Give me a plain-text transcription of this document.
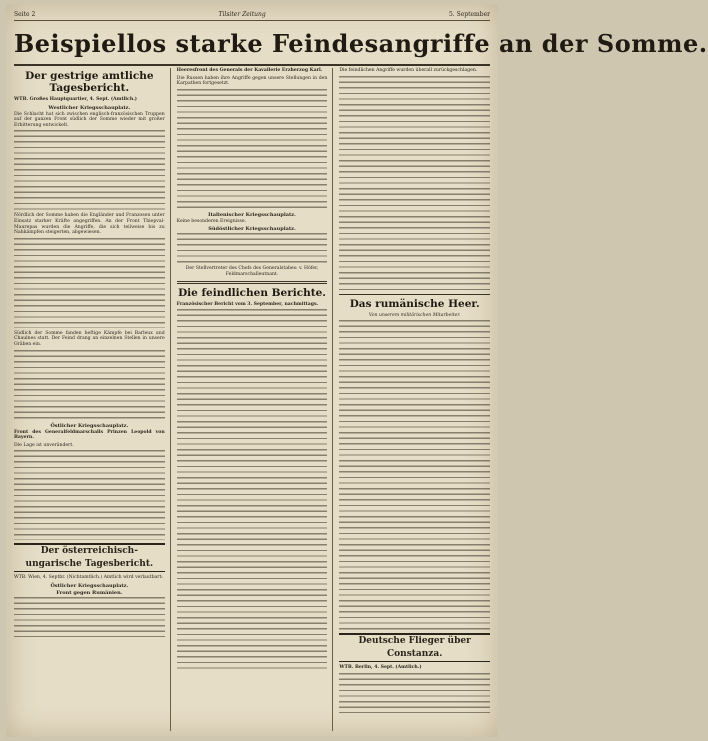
Seite 2	Tilsiter Zeitung	5. September
Beispiellos starke Feindesangriffe an der Somme.
Der gestrige amtliche Tagesbericht.
WTB. Großes Hauptquartier, 4. Sept. (Amtlich.)
Westlicher Kriegsschauplatz.
Die Schlacht hat sich zwischen englisch-französischen Truppen auf der ganzen Front südlich der Somme wieder mit großer Erbitterung entwickelt.
Nördlich der Somme haben die Engländer und Franzosen unter Einsatz starker Kräfte angegriffen. An der Front Thiepval-Maurepas wurden die Angriffe, die sich teilweise bis zu Nahkämpfen steigerten, abgewiesen.
Südlich der Somme fanden heftige Kämpfe bei Barleux und Chaulnes statt. Der Feind drang an einzelnen Stellen in unsere Gräben ein.
Östlicher Kriegsschauplatz.
Front des Generalfeldmarschalls Prinzen Leopold von Bayern.
Die Lage ist unverändert.
Der österreichisch-ungarische Tagesbericht.
WTB. Wien, 4. Septbr. (Nichtamtlich.) Amtlich wird verlautbart:
Östlicher Kriegsschauplatz.
Front gegen Rumänien.
Heeresfront des Generals der Kavallerie Erzherzog Karl.
Die Russen haben ihre Angriffe gegen unsere Stellungen in den Karpathen fortgesetzt.
Italienischer Kriegsschauplatz.
Keine besonderen Ereignisse.
Südöstlicher Kriegsschauplatz.
Der Stellvertreter des Chefs des Generalstabes: v. Höfer, Feldmarschalleutnant.
Die feindlichen Berichte.
Französischer Bericht vom 3. September, nachmittags.
Die feindlichen Angriffe wurden überall zurückgeschlagen.
Das rumänische Heer.
Von unserem militärischen Mitarbeiter.
Deutsche Flieger über Constanza.
WTB. Berlin, 4. Sept. (Amtlich.)
